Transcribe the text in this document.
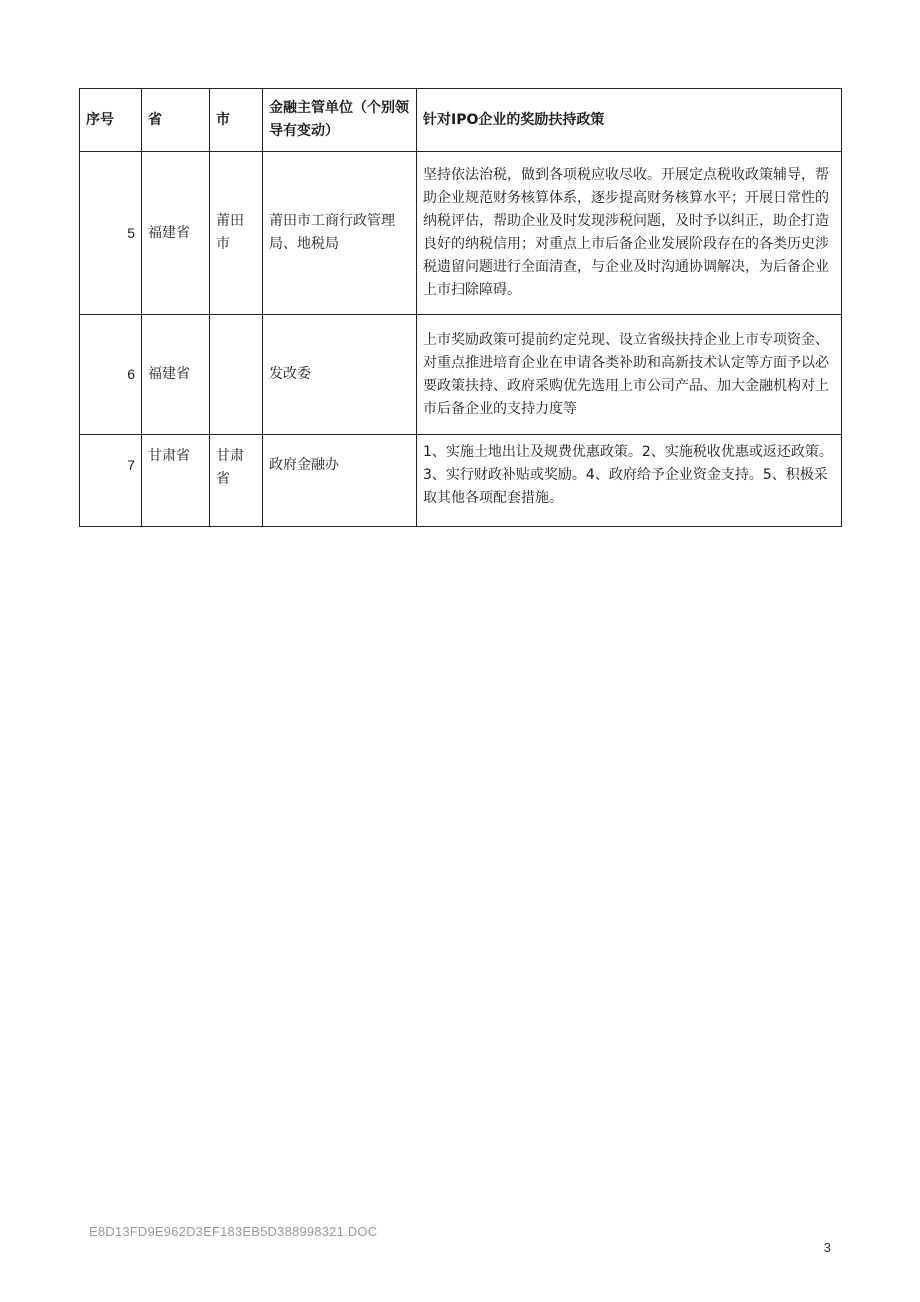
序号	省	市	金融主管单位（个别领导有变动）	针对IPO企业的奖励扶持政策
5	福建省	莆田市	莆田市工商行政管理局、地税局	坚持依法治税，做到各项税应收尽收。开展定点税收政策辅导，帮助企业规范财务核算体系，逐步提高财务核算水平；开展日常性的纳税评估，帮助企业及时发现涉税问题，及时予以纠正，助企打造良好的纳税信用；对重点上市后备企业发展阶段存在的各类历史涉税遗留问题进行全面清查，与企业及时沟通协调解决，为后备企业上市扫除障碍。
6	福建省		发改委	上市奖励政策可提前约定兑现、设立省级扶持企业上市专项资金、对重点推进培育企业在申请各类补助和高新技术认定等方面予以必要政策扶持、政府采购优先选用上市公司产品、加大金融机构对上市后备企业的支持力度等
7	甘肃省	甘肃省	政府金融办	1、实施土地出让及规费优惠政策。2、实施税收优惠或返还政策。3、实行财政补贴或奖励。4、政府给予企业资金支持。5、积极采取其他各项配套措施。
E8D13FD9E962D3EF183EB5D388998321.DOC
3
